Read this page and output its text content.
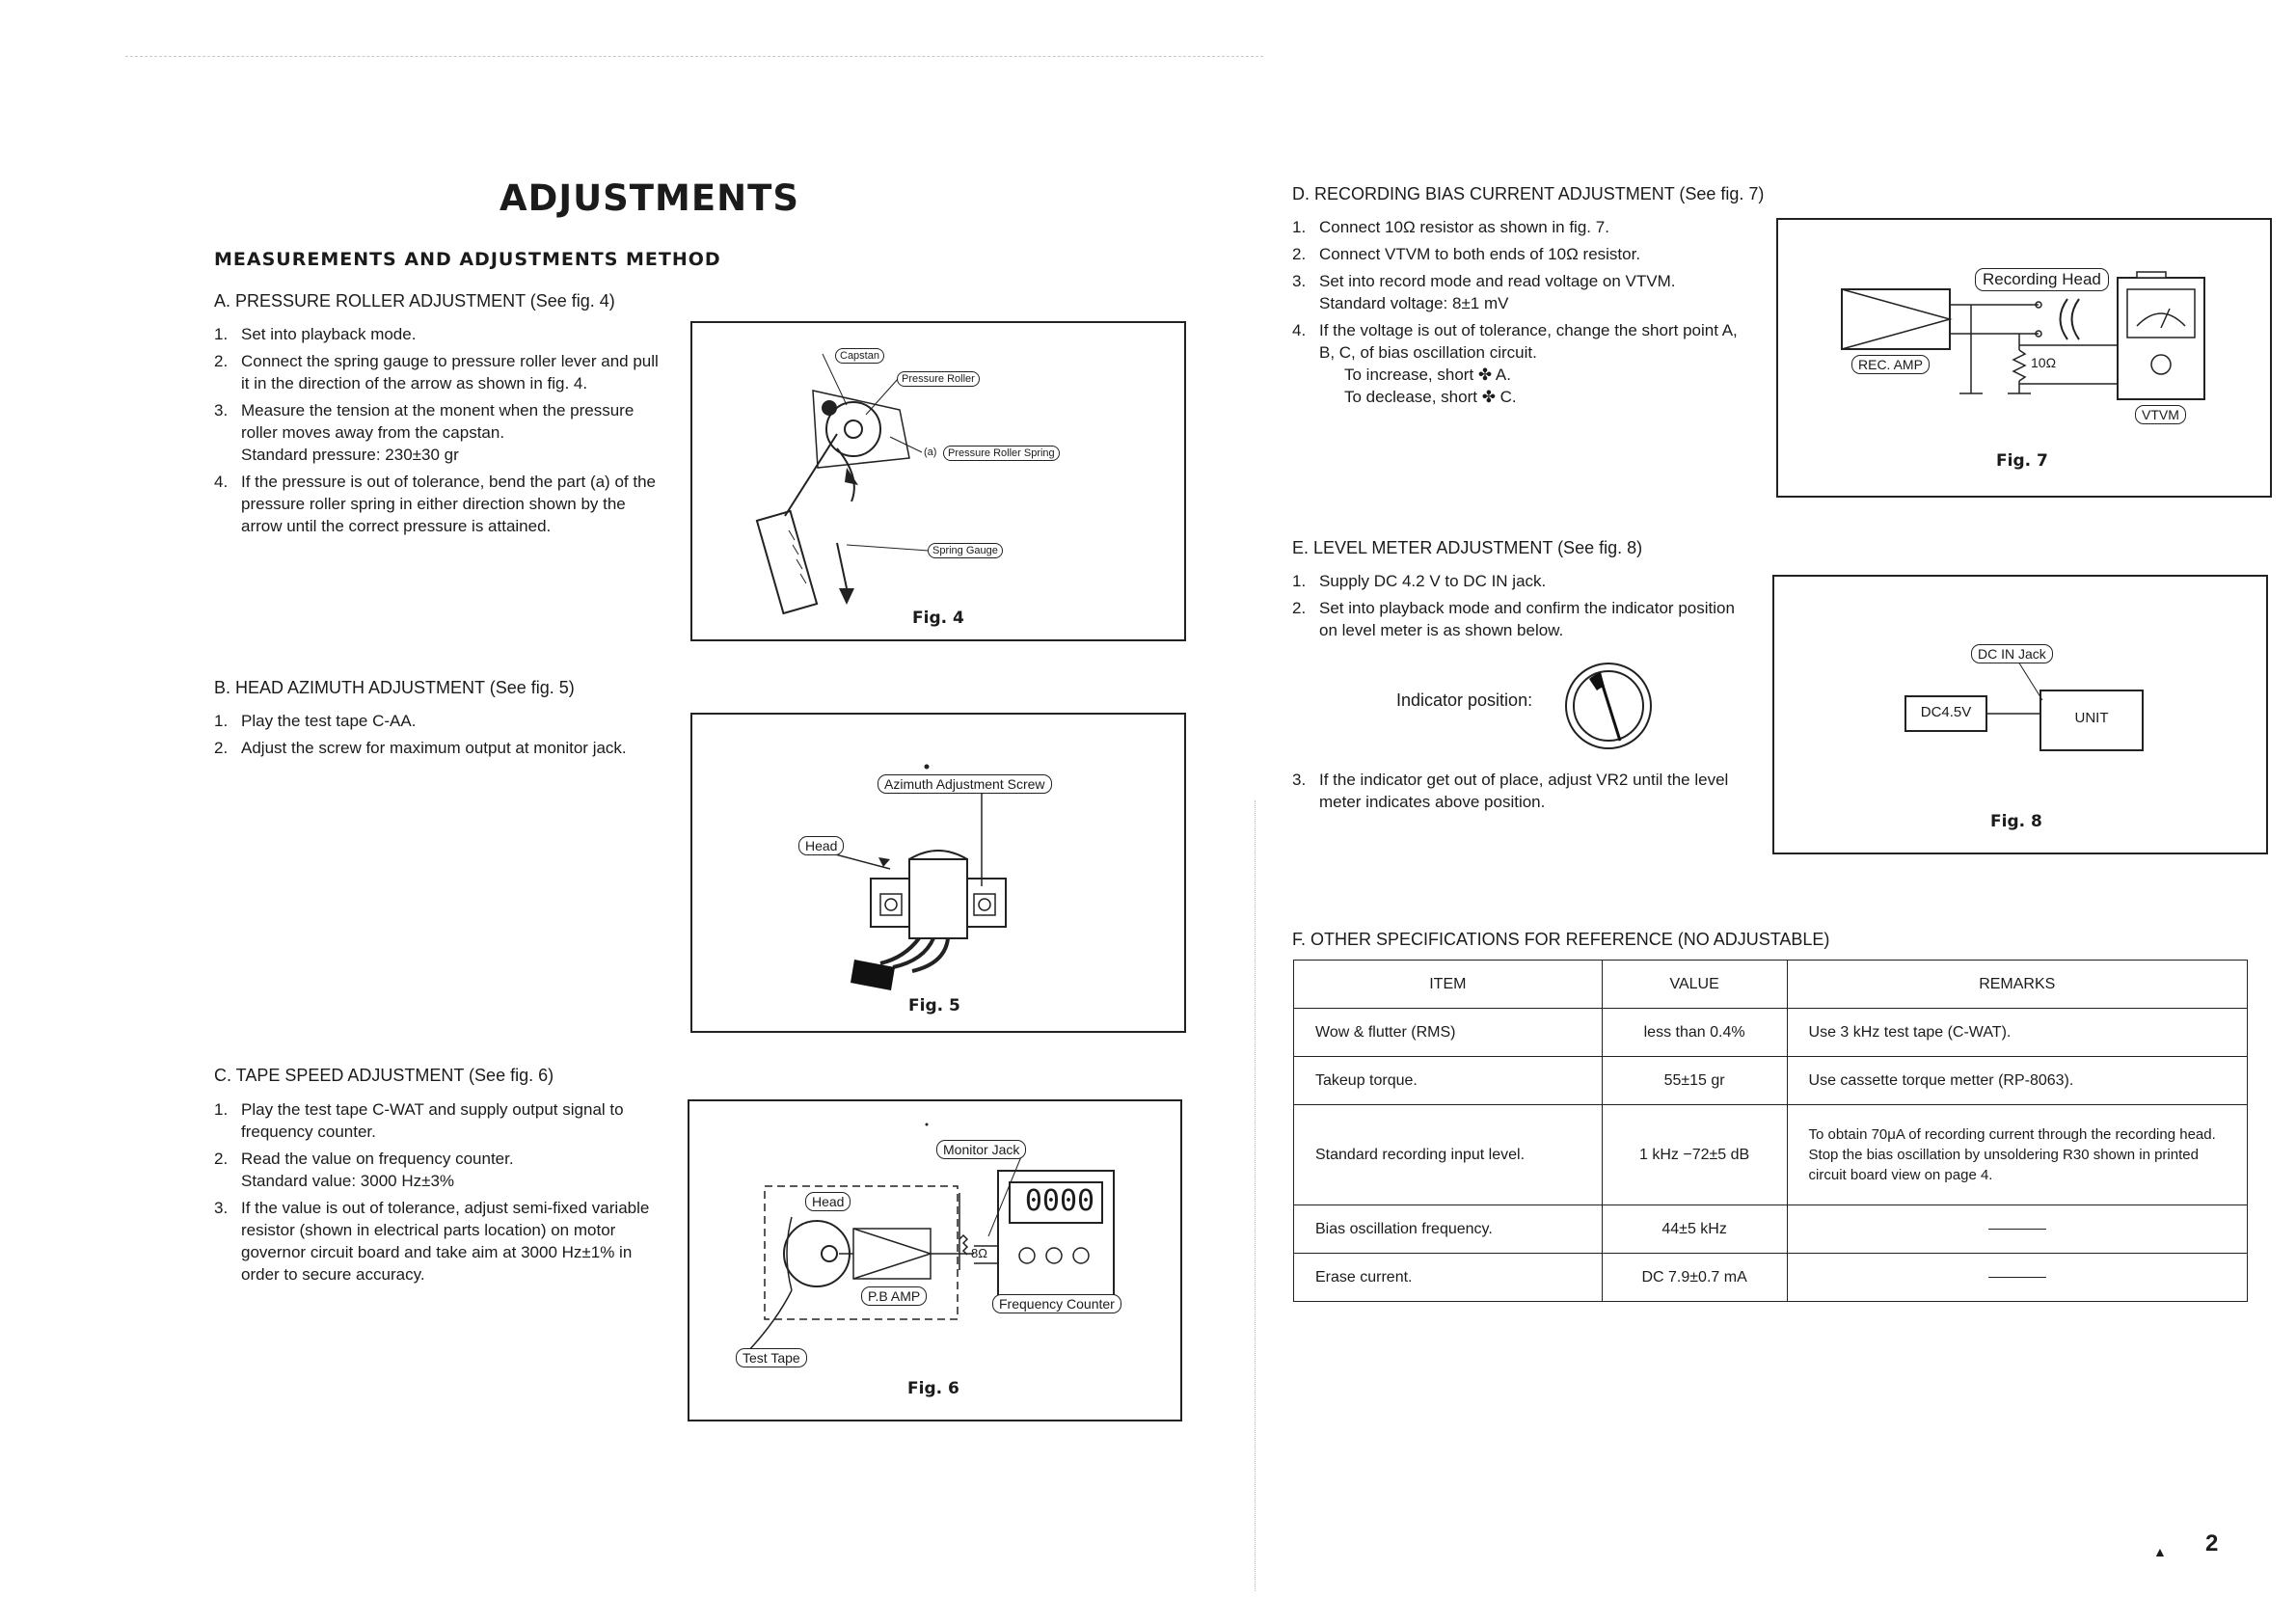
ADJUSTMENTS
MEASUREMENTS AND ADJUSTMENTS METHOD
A. PRESSURE ROLLER ADJUSTMENT (See fig. 4)
1. Set into playback mode.
2. Connect the spring gauge to pressure roller lever and pull it in the direction of the arrow as shown in fig. 4.
3. Measure the tension at the monent when the pressure roller moves away from the capstan.
Standard pressure: 230±30 gr
4. If the pressure is out of tolerance, bend the part (a) of the pressure roller spring in either direction shown by the arrow until the correct pressure is attained.
Capstan
Pressure Roller
(a)	Pressure Roller Spring
Spring Gauge
Fig. 4
B. HEAD AZIMUTH ADJUSTMENT (See fig. 5)
1. Play the test tape C-AA.
2. Adjust the screw for maximum output at monitor jack.
Azimuth Adjustment Screw
Head
Fig. 5
C. TAPE SPEED ADJUSTMENT (See fig. 6)
1. Play the test tape C-WAT and supply output signal to frequency counter.
2. Read the value on frequency counter.
Standard value: 3000 Hz±3%
3. If the value is out of tolerance, adjust semi-fixed variable resistor (shown in electrical parts location) on motor governor circuit board and take aim at 3000 Hz±1% in order to secure accuracy.
Monitor Jack
Head	0000
8Ω
P.B AMP	Frequency Counter
Test Tape
Fig. 6
D. RECORDING BIAS CURRENT ADJUSTMENT (See fig. 7)
1. Connect 10Ω resistor as shown in fig. 7.
2. Connect VTVM to both ends of 10Ω resistor.
3. Set into record mode and read voltage on VTVM.
Standard voltage: 8±1 mV
4. If the voltage is out of tolerance, change the short point A, B, C, of bias oscillation circuit.
To increase, short ✤ A.
To declease, short ✤ C.
Recording Head
REC. AMP	10Ω
VTVM
Fig. 7
E. LEVEL METER ADJUSTMENT (See fig. 8)
1. Supply DC 4.2 V to DC IN jack.
2. Set into playback mode and confirm the indicator position on level meter is as shown below.
Indicator position:
3. If the indicator get out of place, adjust VR2 until the level meter indicates above position.
DC IN Jack
DC4.5V	UNIT
Fig. 8
F. OTHER SPECIFICATIONS FOR REFERENCE (NO ADJUSTABLE)
ITEM	VALUE	REMARKS
Wow & flutter (RMS)	less than 0.4%	Use 3 kHz test tape (C-WAT).
Takeup torque.	55±15 gr	Use cassette torque metter (RP-8063).
Standard recording input level.	1 kHz −72±5 dB	To obtain 70μA of recording current through the recording head. Stop the bias oscillation by unsoldering R30 shown in printed circuit board view on page 4.
Bias oscillation frequency.	44±5 kHz	
Erase current.	DC 7.9±0.7 mA	
▲ 2
